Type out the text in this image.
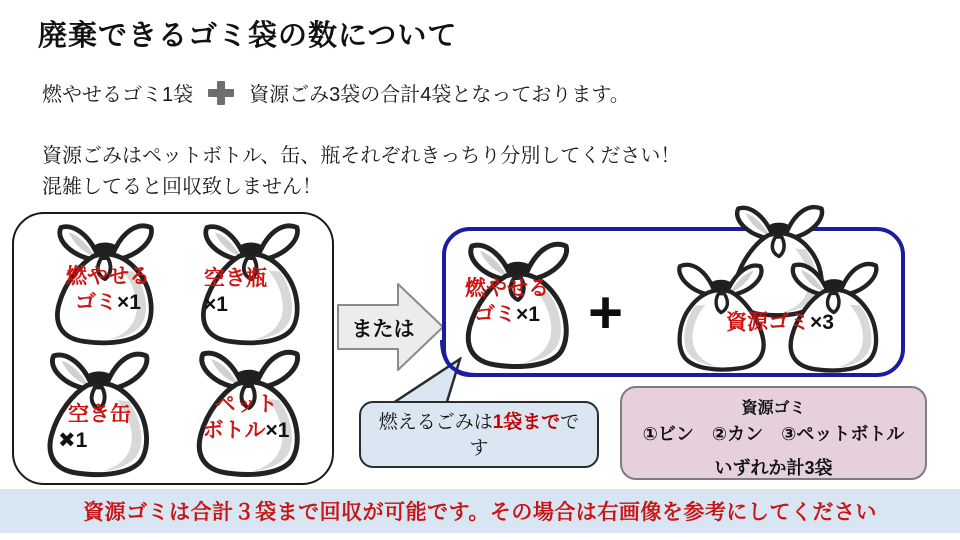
廃棄できるゴミ袋の数について
燃やせるゴミ1袋	資源ごみ3袋の合計4袋となっております。
資源ごみはペットボトル、缶、瓶それぞれきっちり分別してください！
混雑してると回収致しません！
燃やせる
ゴミ×1
空き瓶
×1
空き缶
✖1
ペット
ボトル×1
または
燃やせる
ゴミ×1 +	資源ゴミ×3
燃えるごみは1袋までです
資源ゴミ
①ビン　②カン　③ペットボトル
いずれか計3袋
資源ゴミは合計３袋まで回収が可能です。その場合は右画像を参考にしてください
